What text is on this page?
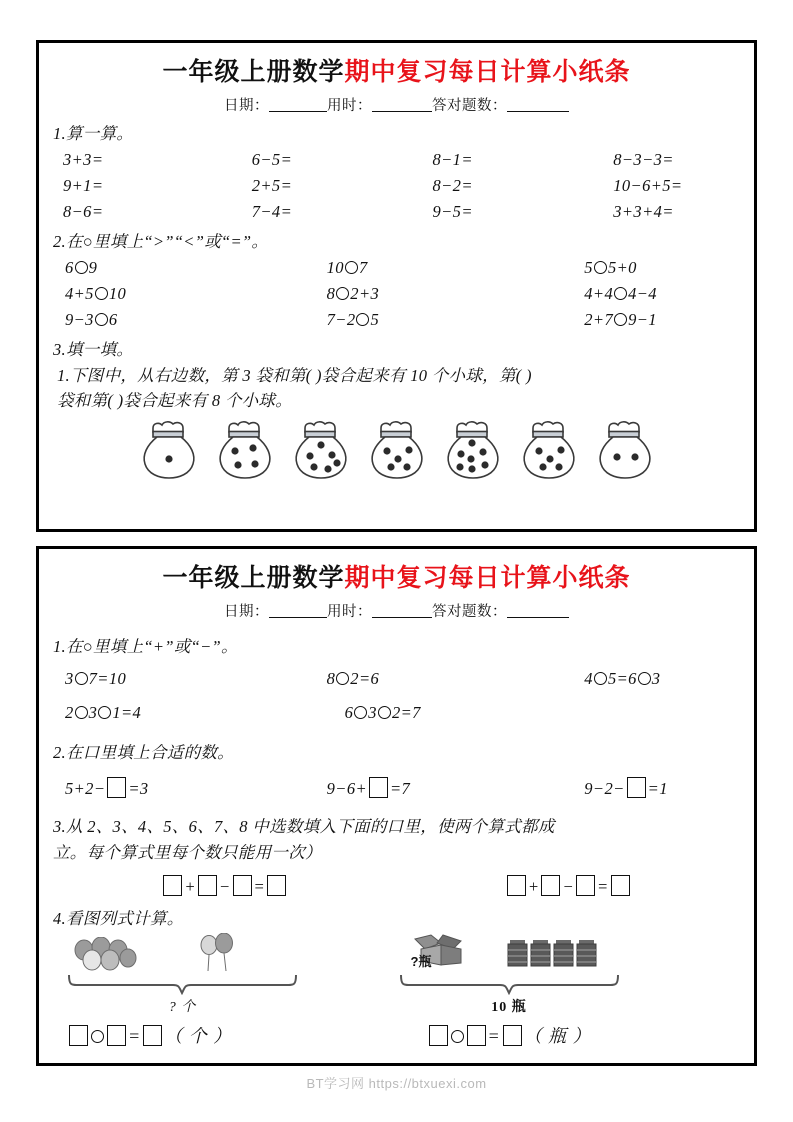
一年级上册数学期中复习每日计算小纸条
日期：	用时：	答对题数：
1.算一算。
3+3=	6−5=	8−1=	8−3−3=
9+1=	2+5=	8−2=	10−6+5=
8−6=	7−4=	9−5=	3+3+4=
2.在○里填上“>”“<”或“=”。
6 9	10 7	5 5+0
4+5 10	8 2+3	4+4 4−4
9−3 6	7−2 5	2+7 9−1
3.填一填。
1.下图中，从右边数，第 3 袋和第( )袋合起来有 10 个小球，第( )
袋和第( )袋合起来有 8 个小球。
一年级上册数学期中复习每日计算小纸条
日期：	用时：	答对题数：
1.在○里填上“+”或“−”。
3 7=10	8 2=6	4 5=6 3
2 3 1=4	6 3 2=7
2.在口里填上合适的数。
5+2− =3	9−6+ =7	9−2− =1
3.从 2、3、4、5、6、7、8 中选数填入下面的口里，使两个算式都成
立。每个算式里每个数只能用一次）
+ − =	+ − =
4.看图列式计算。
? 个
= （ 个 ）
?瓶
10 瓶
= （ 瓶 ）
BT学习网 https://btxuexi.com
